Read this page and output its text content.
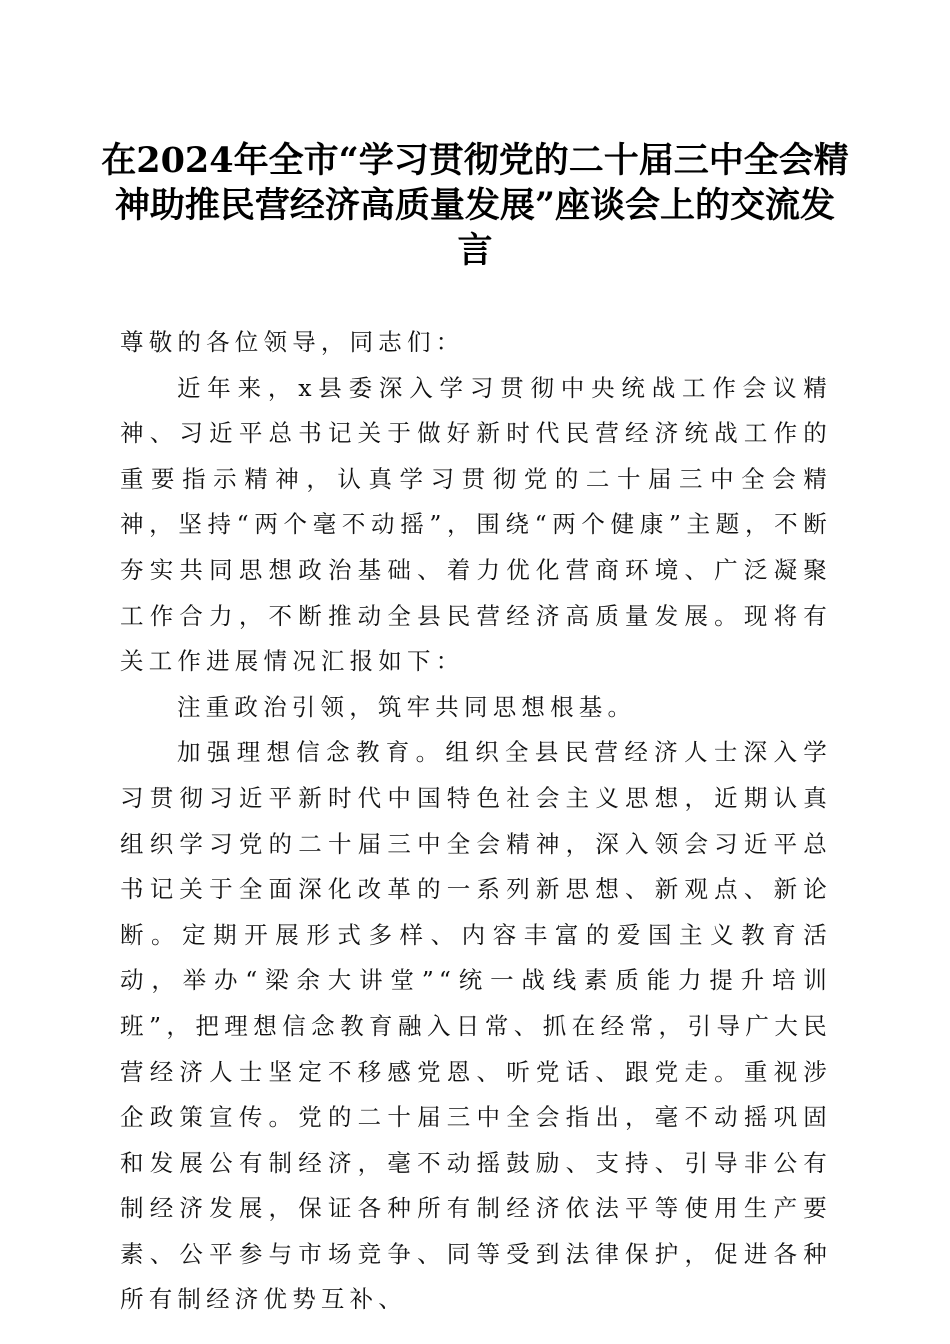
在2024年全市“学习贯彻党的二十届三中全会精神助推民营经济高质量发展”座谈会上的交流发言

尊敬的各位领导，同志们：

近年来，x县委深入学习贯彻中央统战工作会议精神、习近平总书记关于做好新时代民营经济统战工作的重要指示精神，认真学习贯彻党的二十届三中全会精神，坚持“两个毫不动摇”，围绕“两个健康”主题，不断夯实共同思想政治基础、着力优化营商环境、广泛凝聚工作合力，不断推动全县民营经济高质量发展。现将有关工作进展情况汇报如下：

注重政治引领，筑牢共同思想根基。

加强理想信念教育。组织全县民营经济人士深入学习贯彻习近平新时代中国特色社会主义思想，近期认真组织学习党的二十届三中全会精神，深入领会习近平总书记关于全面深化改革的一系列新思想、新观点、新论断。定期开展形式多样、内容丰富的爱国主义教育活动，举办“梁余大讲堂”“统一战线素质能力提升培训班”，把理想信念教育融入日常、抓在经常，引导广大民营经济人士坚定不移感党恩、听党话、跟党走。重视涉企政策宣传。党的二十届三中全会指出，毫不动摇巩固和发展公有制经济，毫不动摇鼓励、支持、引导非公有制经济发展，保证各种所有制经济依法平等使用生产要素、公平参与市场竞争、同等受到法律保护，促进各种所有制经济优势互补、
